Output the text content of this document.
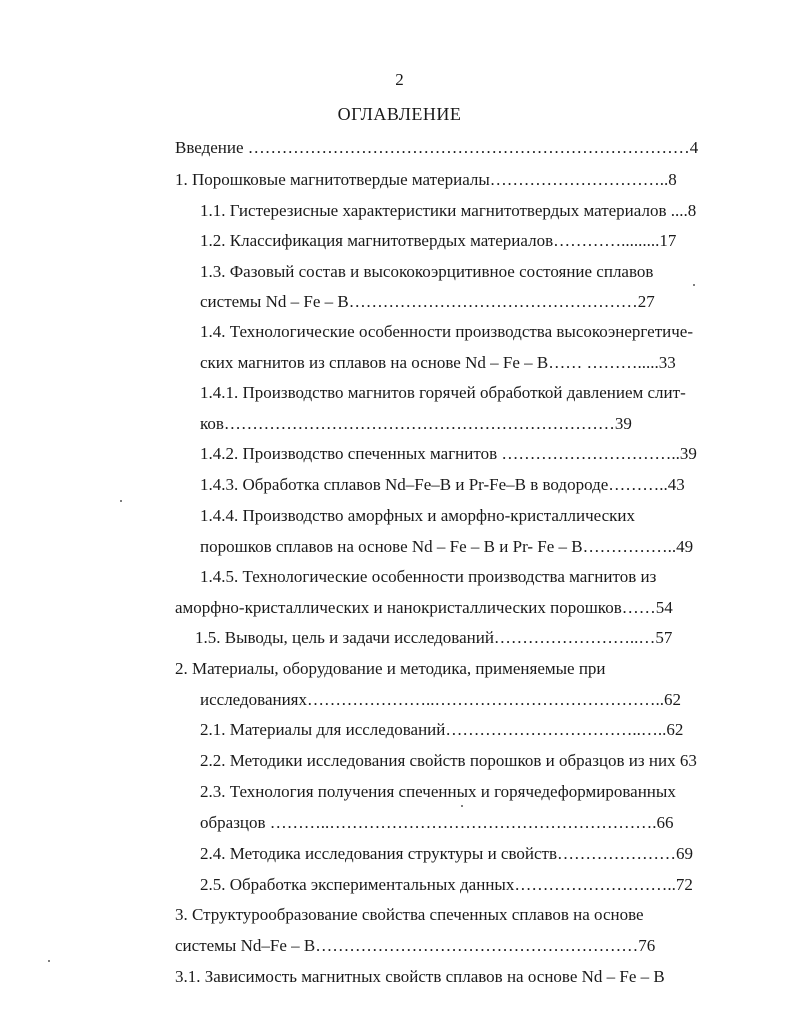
2
ОГЛАВЛЕНИЕ
Введение ……………………………………………………………………4
1. Порошковые магнитотвердые материалы…………………………..8
1.1. Гистерезисные характеристики магнитотвердых материалов ....8
1.2. Классификация магнитотвердых материалов………….........17
1.3. Фазовый состав и высококоэрцитивное состояние сплавов
системы Nd – Fe – B……………………………………………27
1.4. Технологические особенности производства высокоэнергетиче-
ских магнитов из сплавов на основе Nd – Fe – B…… ……….....33
1.4.1. Производство магнитов горячей обработкой давлением слит-
ков……………………………………………………………39
1.4.2. Производство спеченных магнитов …………………………..39
1.4.3. Обработка сплавов Nd–Fe–B и Pr-Fe–B в водороде………..43
1.4.4. Производство аморфных и аморфно-кристаллических
порошков сплавов на основе Nd – Fe – B и Pr- Fe – B……………..49
1.4.5. Технологические особенности производства магнитов из
аморфно-кристаллических и нанокристаллических порошков……54
1.5. Выводы, цель и задачи исследований……………………..…57
2. Материалы, оборудование и методика, применяемые при
исследованиях…………………..…………………………………..62
2.1. Материалы для исследований……………………………..…..62
2.2. Методики исследования свойств порошков и образцов из них 63
2.3. Технология получения спеченных и горячедеформированных
образцов ………..………………………………………………….66
2.4. Методика исследования структуры и свойств…………………69
2.5. Обработка экспериментальных данных………………………..72
3. Структурообразование свойства спеченных сплавов на основе
системы Nd–Fe – B…………………………………………………76
3.1. Зависимость магнитных свойств сплавов на основе Nd – Fe – B
